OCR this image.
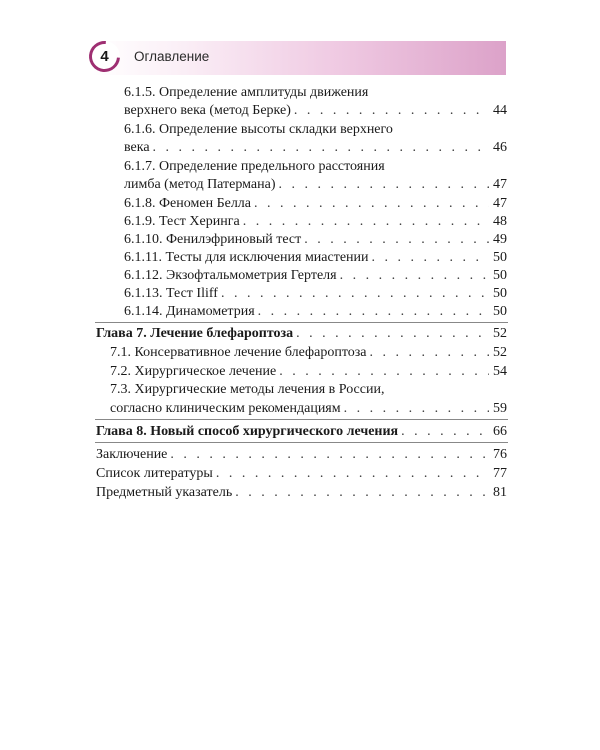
Оглавление
4
6.1.5. Определение амплитуды движения
верхнего века (метод Берке) . . .	44
6.1.6. Определение высоты складки верхнего
века . . .	46
6.1.7. Определение предельного расстояния
лимба (метод Патермана) . . .	47
6.1.8. Феномен Белла . . .	47
6.1.9. Тест Херинга . . .	48
6.1.10. Фенилэфриновый тест . . .	49
6.1.11. Тесты для исключения миастении . . .	50
6.1.12. Экзофтальмометрия Гертеля . . .	50
6.1.13. Тест Iliff . . .	50
6.1.14. Динамометрия . . .	50
Глава 7. Лечение блефароптоза . . .	52
7.1. Консервативное лечение блефароптоза . . .	52
7.2. Хирургическое лечение . . .	54
7.3. Хирургические методы лечения в России,
согласно клиническим рекомендациям . . .	59
Глава 8. Новый способ хирургического лечения . . .	66
Заключение . . .	76
Список литературы . . .	77
Предметный указатель . . .	81
